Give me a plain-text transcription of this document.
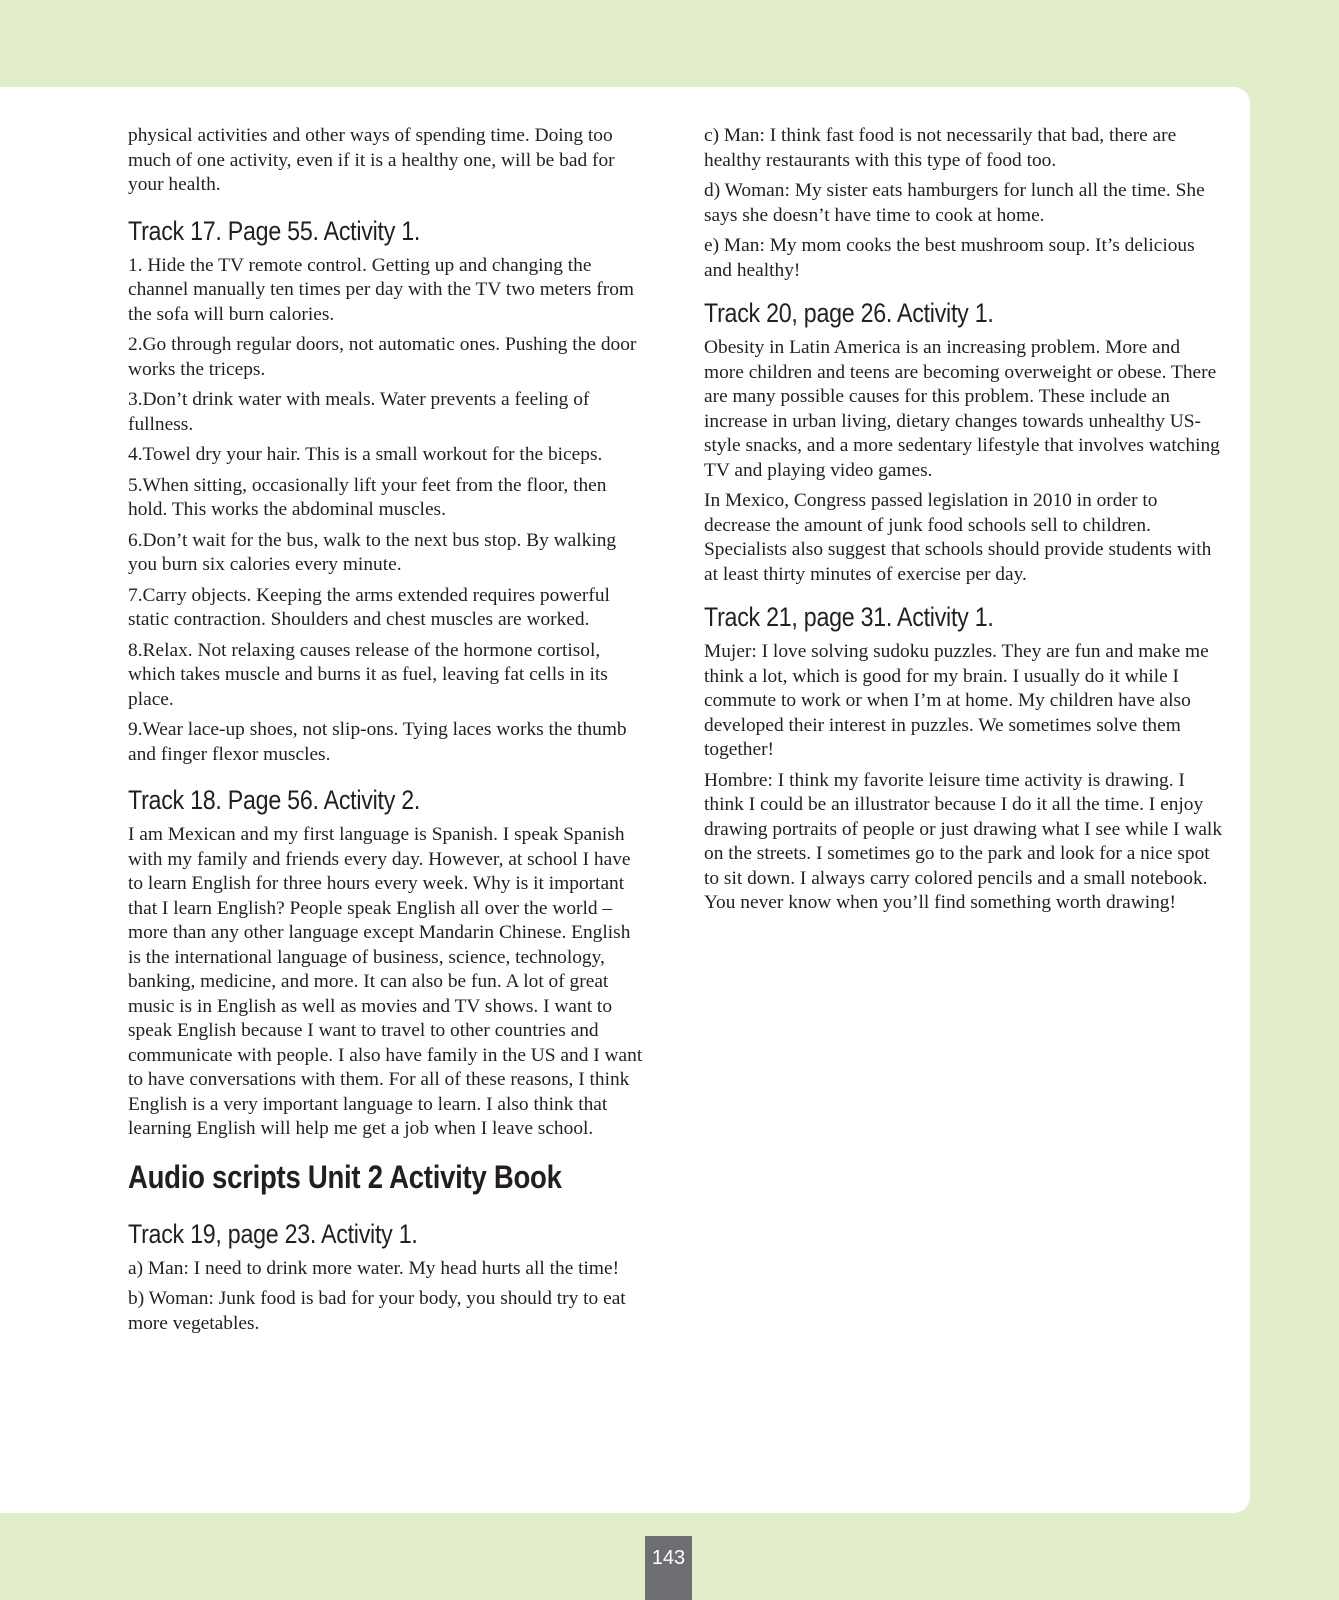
physical activities and other ways of spending time. Doing too much of one activity, even if it is a healthy one, will be bad for your health.

Track 17. Page 55. Activity 1.

1. Hide the TV remote control. Getting up and changing the channel manually ten times per day with the TV two meters from the sofa will burn calories.

2.Go through regular doors, not automatic ones. Pushing the door works the triceps.

3.Don’t drink water with meals. Water prevents a feeling of fullness.

4.Towel dry your hair. This is a small workout for the biceps.

5.When sitting, occasionally lift your feet from the floor, then hold. This works the abdominal muscles.

6.Don’t wait for the bus, walk to the next bus stop. By walking you burn six calories every minute.

7.Carry objects. Keeping the arms extended requires powerful static contraction. Shoulders and chest muscles are worked.

8.Relax. Not relaxing causes release of the hormone cortisol, which takes muscle and burns it as fuel, leaving fat cells in its place.

9.Wear lace-up shoes, not slip-ons. Tying laces works the thumb and finger flexor muscles.

Track 18. Page 56. Activity 2.

I am Mexican and my first language is Spanish. I speak Spanish with my family and friends every day. However, at school I have to learn English for three hours every week. Why is it important that I learn English? People speak English all over the world – more than any other language except Mandarin Chinese. English is the international language of business, science, technology, banking, medicine, and more. It can also be fun. A lot of great music is in English as well as movies and TV shows. I want to speak English because I want to travel to other countries and communicate with people. I also have family in the US and I want to have conversations with them. For all of these reasons, I think English is a very important language to learn. I also think that learning English will help me get a job when I leave school.

Audio scripts Unit 2 Activity Book
Track 19, page 23. Activity 1.

a) Man: I need to drink more water. My head hurts all the time!

b) Woman: Junk food is bad for your body, you should try to eat more vegetables.

c) Man: I think fast food is not necessarily that bad, there are healthy restaurants with this type of food too.

d) Woman: My sister eats hamburgers for lunch all the time. She says she doesn’t have time to cook at home.

e) Man: My mom cooks the best mushroom soup. It’s delicious and healthy!

Track 20, page 26. Activity 1.

Obesity in Latin America is an increasing problem. More and more children and teens are becoming overweight or obese. There are many possible causes for this problem. These include an increase in urban living, dietary changes towards unhealthy US-style snacks, and a more sedentary lifestyle that involves watching TV and playing video games.

In Mexico, Congress passed legislation in 2010 in order to decrease the amount of junk food schools sell to children. Specialists also suggest that schools should provide students with at least thirty minutes of exercise per day.

Track 21, page 31. Activity 1.

Mujer: I love solving sudoku puzzles. They are fun and make me think a lot, which is good for my brain. I usually do it while I commute to work or when I’m at home. My children have also developed their interest in puzzles. We sometimes solve them together!

Hombre: I think my favorite leisure time activity is drawing. I think I could be an illustrator because I do it all the time. I enjoy drawing portraits of people or just drawing what I see while I walk on the streets. I sometimes go to the park and look for a nice spot to sit down. I always carry colored pencils and a small notebook. You never know when you’ll find something worth drawing!

143
